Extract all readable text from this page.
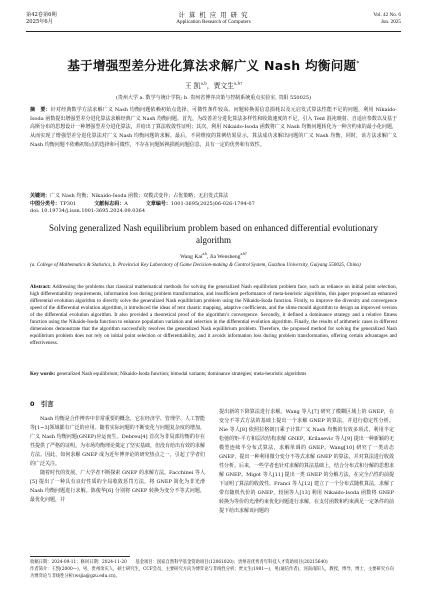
第42卷第6期
2025年6月
计 算 机 应 用 研 究
Application Research of Computers
Vol. 42 No. 6
Jun. 2025
基于增强型差分进化算法求解广义 Nash 均衡问题*
王 凯$^{a,b}$，贾文生$^{a,b\dagger}$
(贵州大学 a. 数学与统计学院; b. 贵州省博弈决策与控制系统重点实验室, 贵阳 550025)
摘　要：针对经典数学方法求解广义 Nash 均衡问题依赖初始点选择、可微性条件较高、问题转换需信息损耗以及元启发式算法性能不足的问题，利用 Nikaido-Isoda 函数提出增强型差分进化算法求解经典广义 Nash 均衡问题。首先，为改善差分进化算法多样性和收敛速度的不足，引入 Tent 混沌映射、自适应参数以及基于高斯分布的思想设计一种增强型差分进化算法，并给出了算法收敛性证明；其次，利用 Nikaido-Isoda 函数将广义 Nash 均衡问题转化为一种含约束的最小化问题，从而实现了增强型差分进化算法对广义 Nash 均衡问题的求解。最后，不同维度的算例结果显示，算法成功求解出问题的广义 Nash 均衡，同时，该方法求解广义 Nash 均衡问题不依赖初始点的选择和可微性，不存在问题转换损耗问题信息，具有一定的优势和有效性。
关键词：广义 Nash 均衡；Nikaido-Isoda 函数；双模式变异；占优策略；无启发式算法
中图分类号：TP301	文献标志码：A	文章编号：1001-3695(2025)06-026-1794-07
doi: 10.19734/j.issn.1001-3695.2024.09.0364
Solving generalized Nash equilibrium problem based on enhanced differential evolutionary algorithm
Wang Kai$^{a,b}$, Jia Wensheng$^{a,b\dagger}$
(a. College of Mathematics & Statistics, b. Provincial Key Laboratory of Game Decision-making & Control System, Guizhou University, Guiyang 550025, China)
Abstract: Addressing the problems that classical mathematical methods for solving the generalized Nash equilibrium problem face, such as reliance on initial point selection, high differentiability requirements, information loss during problem transformation, and insufficient performance of meta-heuristic algorithms, this paper proposed an enhanced differential evolution algorithm to directly solve the generalized Nash equilibrium problem using the Nikaido-Isoda function. Firstly, to improve the diversity and convergence speed of the differential evolution algorithm, it introduced the ideas of tent chaotic mapping, adaptive coefficients, and the slime mould algorithm to design an improved version of the differential evolution algorithm. It also provided a theoretical proof of the algorithm’s convergence. Secondly, it defined a dominance strategy and a relative fitness function using the Nikaido-Isoda function to enhance population variation and selection in the differential evolution algorithm. Finally, the results of arithmetic cases in different dimensions demonstrate that the algorithm successfully resolves the generalized Nash equilibrium problem. Therefore, the proposed method for solving the generalized Nash equilibrium problem does not rely on initial point selection or differentiability, and it avoids information loss during problem transformation, offering certain advantages and effectiveness.
Key words: generalized Nash equilibrium; Nikaido-Isoda function; bimodal variants; dominance strategies; meta-heuristic algorithms
0　引言
　　Nash 均衡是合作博弈中非常重要的概念，它在经济学、管理学、人工智能等[1~3]领域都有广泛的应用。随着实际问题的不断变化与问题复杂度的增加，广义 Nash 均衡问题(GNEP)应运而生。Debreu[4] 首次为非局部均衡的存在性提供了严格的证明。为市场均衡理论奠定了坚实基础，但没有给出有效的求解方法。因此，如何求解 GNEP 成为近年博弈论的研究热点之一，引起了学者们的广泛关注。
　　随着时代的发展，广大学者不断探索 GNEP 的求解方法。Facchinei 等人[5] 提出了一种具有良好性质的全局收敛惩罚方法，将 GNEP 简化为非光滑 Nash 均衡问题进行求解。陈俊华[6] 分别将 GNEP 转换为变分不等式问题，最优化问题，并
提出新的下降算法进行求解。Wang 等人[7] 研究了模糊区域上的 GNEP，在变分不等式方法的基础上提出一个求解 GNEP 的算法，并进行稳定性分析。Nie 等人[8] 依照拉格朗日乘子计算广义 Nash 均衡的有效多项式，利用半定松弛的矩-平方和层次结构求解 GNEP。Krilasevic 等人[9] 提出一种新颖的无模型连续半分布式算法，求解单调的 GNEP。Wang[10] 研究了一类动态 GNEP，提出一种利用微分变分不等式求解 GNEP 的算法，并对算法进行收敛性分析。后来，一些学者也针对求解的算法基础上，结合分布式和分解的思想求解 GNEP。Migot 等人[11] 提出一类 GNEP 的分解方法，在完全凸性的前提下证明了算法的收敛性。Franci 等人[12] 建立了一个分布式随机算法，求解了带有随机代价的 GNEP，较困等人[13] 利用 Nikaido-Isoda 函数将 GNEP 转换为等价的光滑约束优化问题进行求解，在支付函数和约束满足一定条件的前提下给出求解该问题的
收稿日期：2024-09-11；修回日期：2024-11-20　　基金项目：国家自然科学基金资助项目(12061020)；贵州省优秀青年科技人才资助项目(20215640)
作者简介：王凯(2000—)，男，贵州余庆人，硕士研究生，CCF会员，主要研究方向为博弈论与非线性分析；贾文生(1981—)，男(通信作者)，河南南阳人，教授，博导，博士，主要研究方向为博弈论与非线性分析(wsjia@gzu.edu.cn)。
